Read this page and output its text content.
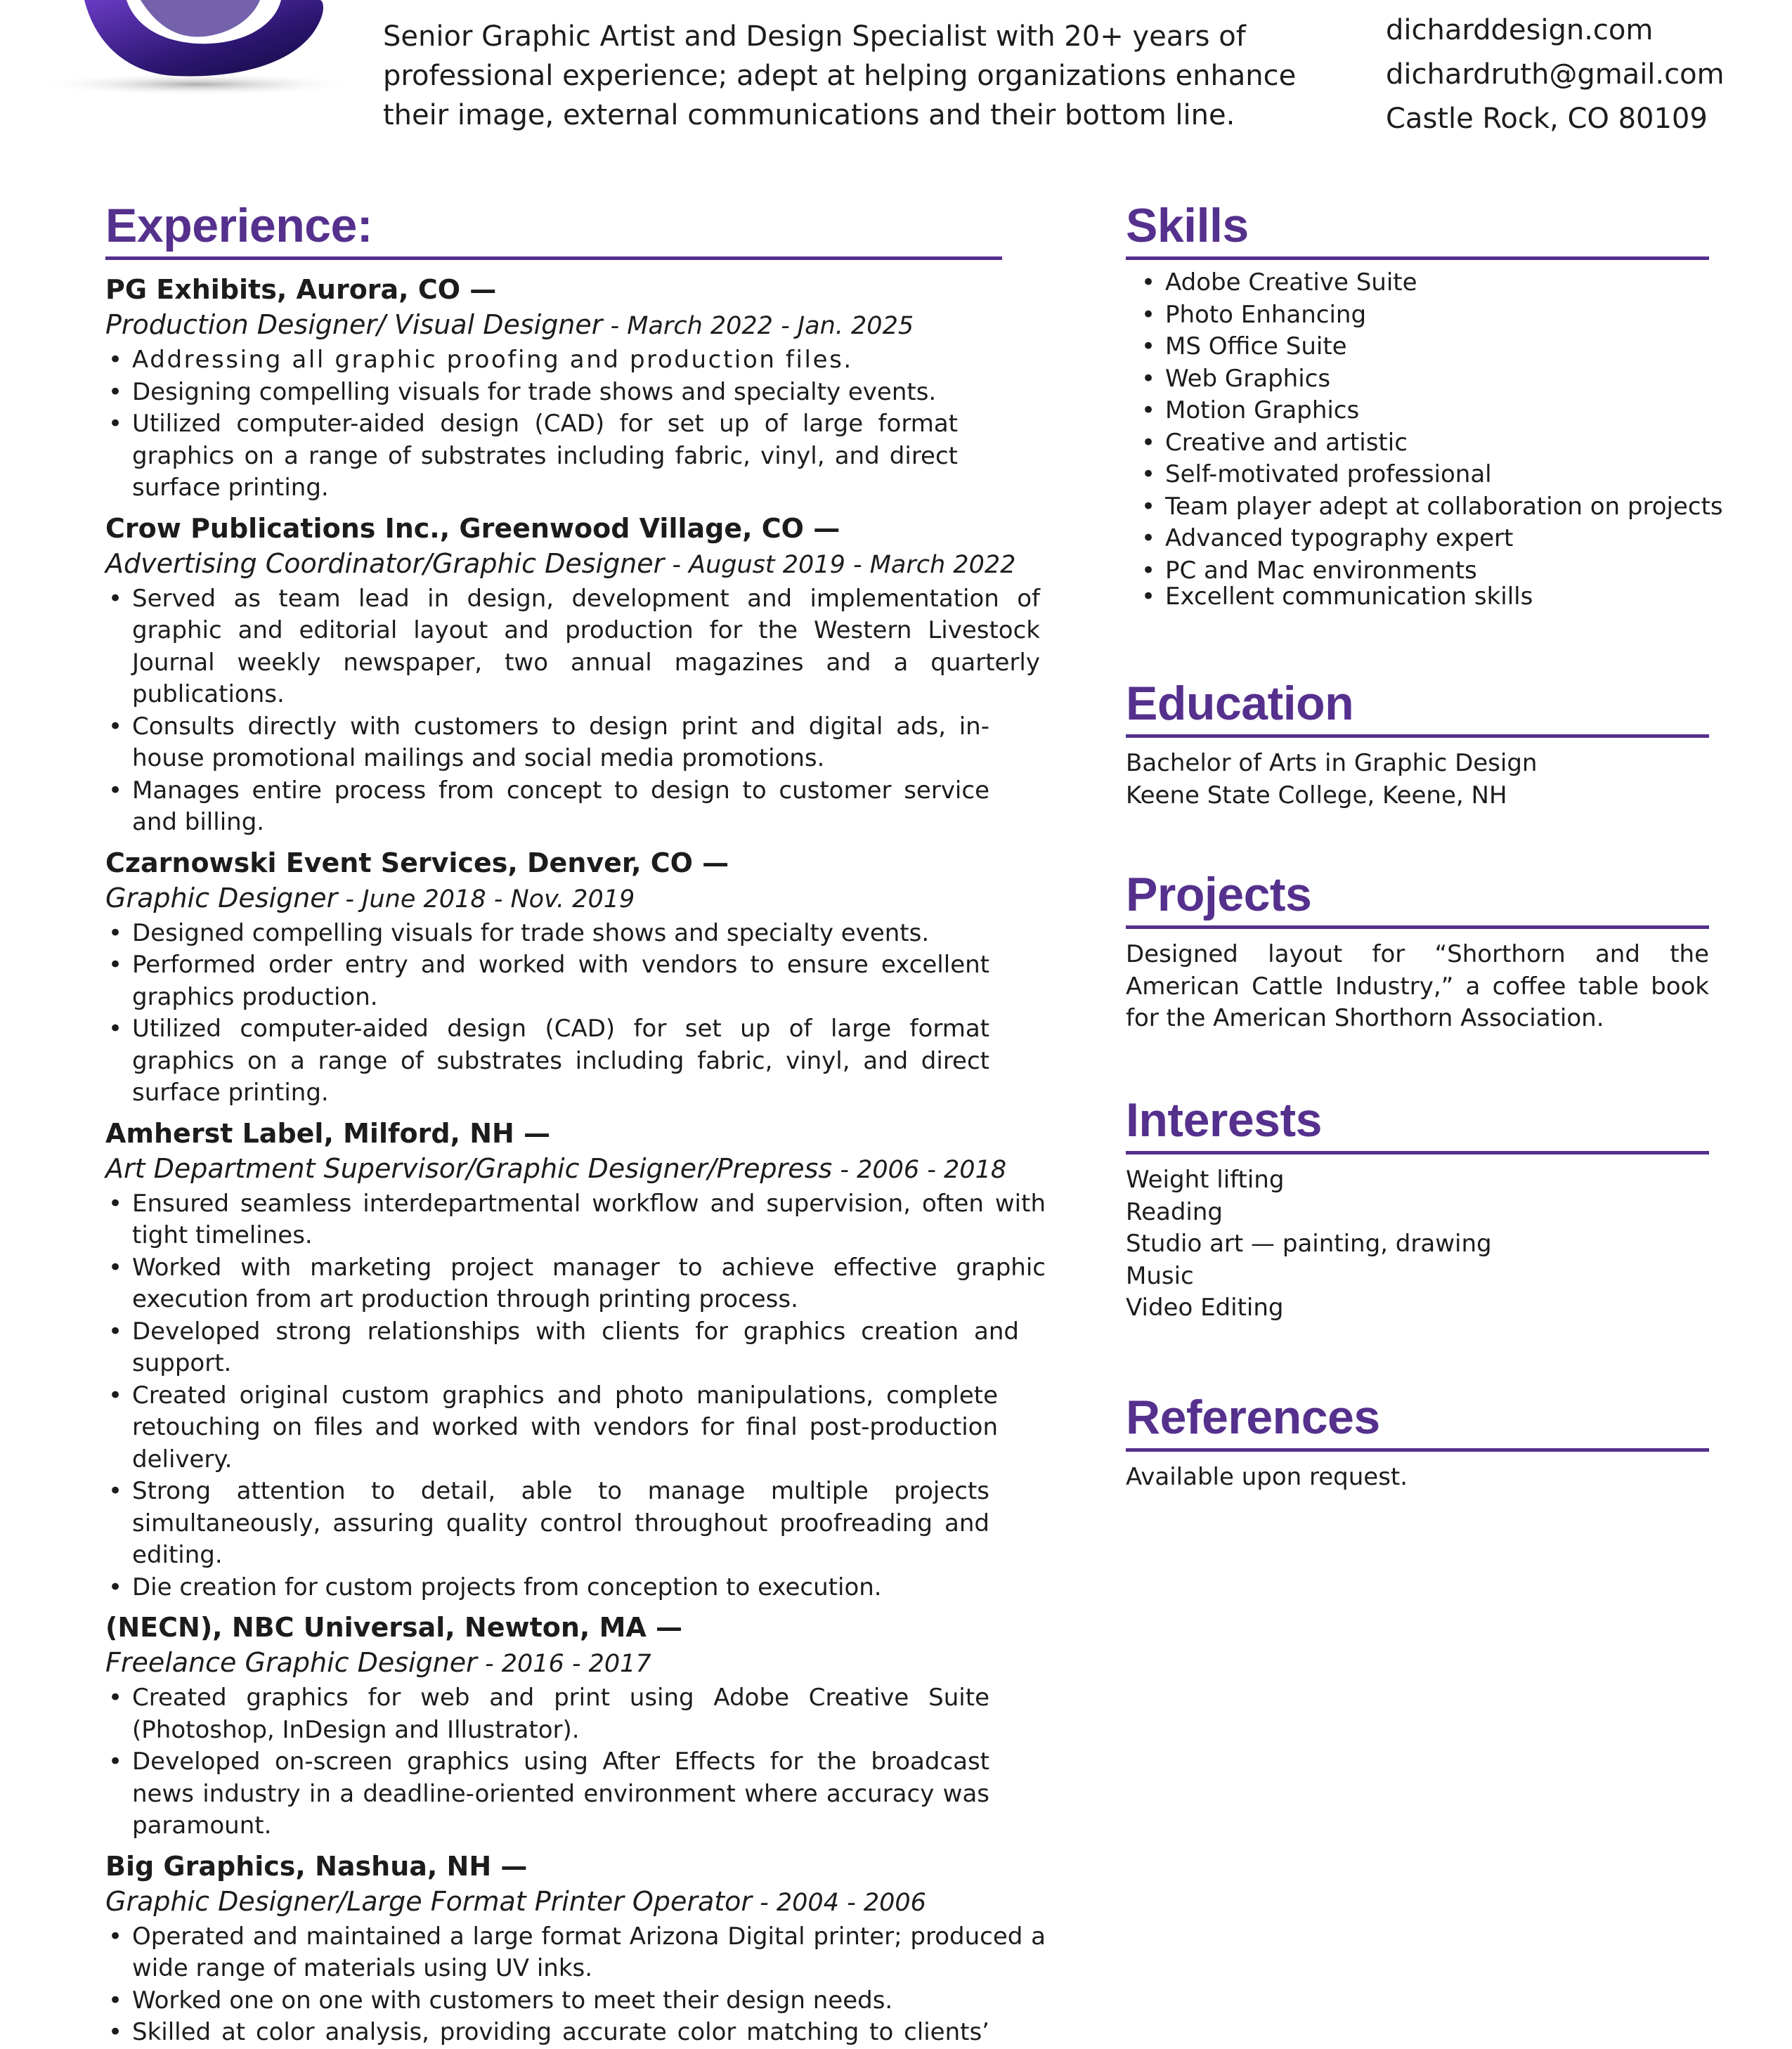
Senior Graphic Artist and Design Specialist with 20+ years of professional experience; adept at helping organizations enhance their image, external communications and their bottom line.
dicharddesign.com
dichardruth@gmail.com
Castle Rock, CO 80109
Experience:
PG Exhibits, Aurora, CO —
Production Designer/ Visual Designer - March 2022 - Jan. 2025
• Addressing all graphic proofing and production files.
• Designing compelling visuals for trade shows and specialty events.
• Utilized computer-aided design (CAD) for set up of large format graphics on a range of substrates including fabric, vinyl, and direct surface printing.
Crow Publications Inc., Greenwood Village, CO —
Advertising Coordinator/Graphic Designer - August 2019 - March 2022
• Served as team lead in design, development and implementation of graphic and editorial layout and production for the Western Livestock Journal weekly newspaper, two annual magazines and a quarterly publications.
• Consults directly with customers to design print and digital ads, in-house promotional mailings and social media promotions.
• Manages entire process from concept to design to customer service and billing.
Czarnowski Event Services, Denver, CO —
Graphic Designer - June 2018 - Nov. 2019
• Designed compelling visuals for trade shows and specialty events.
• Performed order entry and worked with vendors to ensure excellent graphics production.
• Utilized computer-aided design (CAD) for set up of large format graphics on a range of substrates including fabric, vinyl, and direct surface printing.
Amherst Label, Milford, NH —
Art Department Supervisor/Graphic Designer/Prepress - 2006 - 2018
• Ensured seamless interdepartmental workflow and supervision, often with tight timelines.
• Worked with marketing project manager to achieve effective graphic execution from art production through printing process.
• Developed strong relationships with clients for graphics creation and support.
• Created original custom graphics and photo manipulations, complete retouching on files and worked with vendors for final post-production delivery.
• Strong attention to detail, able to manage multiple projects simultaneously, assuring quality control throughout proofreading and editing.
• Die creation for custom projects from conception to execution.
(NECN), NBC Universal, Newton, MA —
Freelance Graphic Designer - 2016 - 2017
• Created graphics for web and print using Adobe Creative Suite (Photoshop, InDesign and Illustrator).
• Developed on-screen graphics using After Effects for the broadcast news industry in a deadline-oriented environment where accuracy was paramount.
Big Graphics, Nashua, NH —
Graphic Designer/Large Format Printer Operator - 2004 - 2006
• Operated and maintained a large format Arizona Digital printer; produced a wide range of materials using UV inks.
• Worked one on one with customers to meet their design needs.
• Skilled at color analysis, providing accurate color matching to clients’
Skills
• Adobe Creative Suite
• Photo Enhancing
• MS Office Suite
• Web Graphics
• Motion Graphics
• Creative and artistic
• Self-motivated professional
• Team player adept at collaboration on projects
• Advanced typography expert
• PC and Mac environments
• Excellent communication skills
Education
Bachelor of Arts in Graphic Design
Keene State College, Keene, NH
Projects
Designed layout for “Shorthorn and the American Cattle Industry,” a coffee table book for the American Shorthorn Association.
Interests
Weight lifting
Reading
Studio art — painting, drawing
Music
Video Editing
References
Available upon request.
